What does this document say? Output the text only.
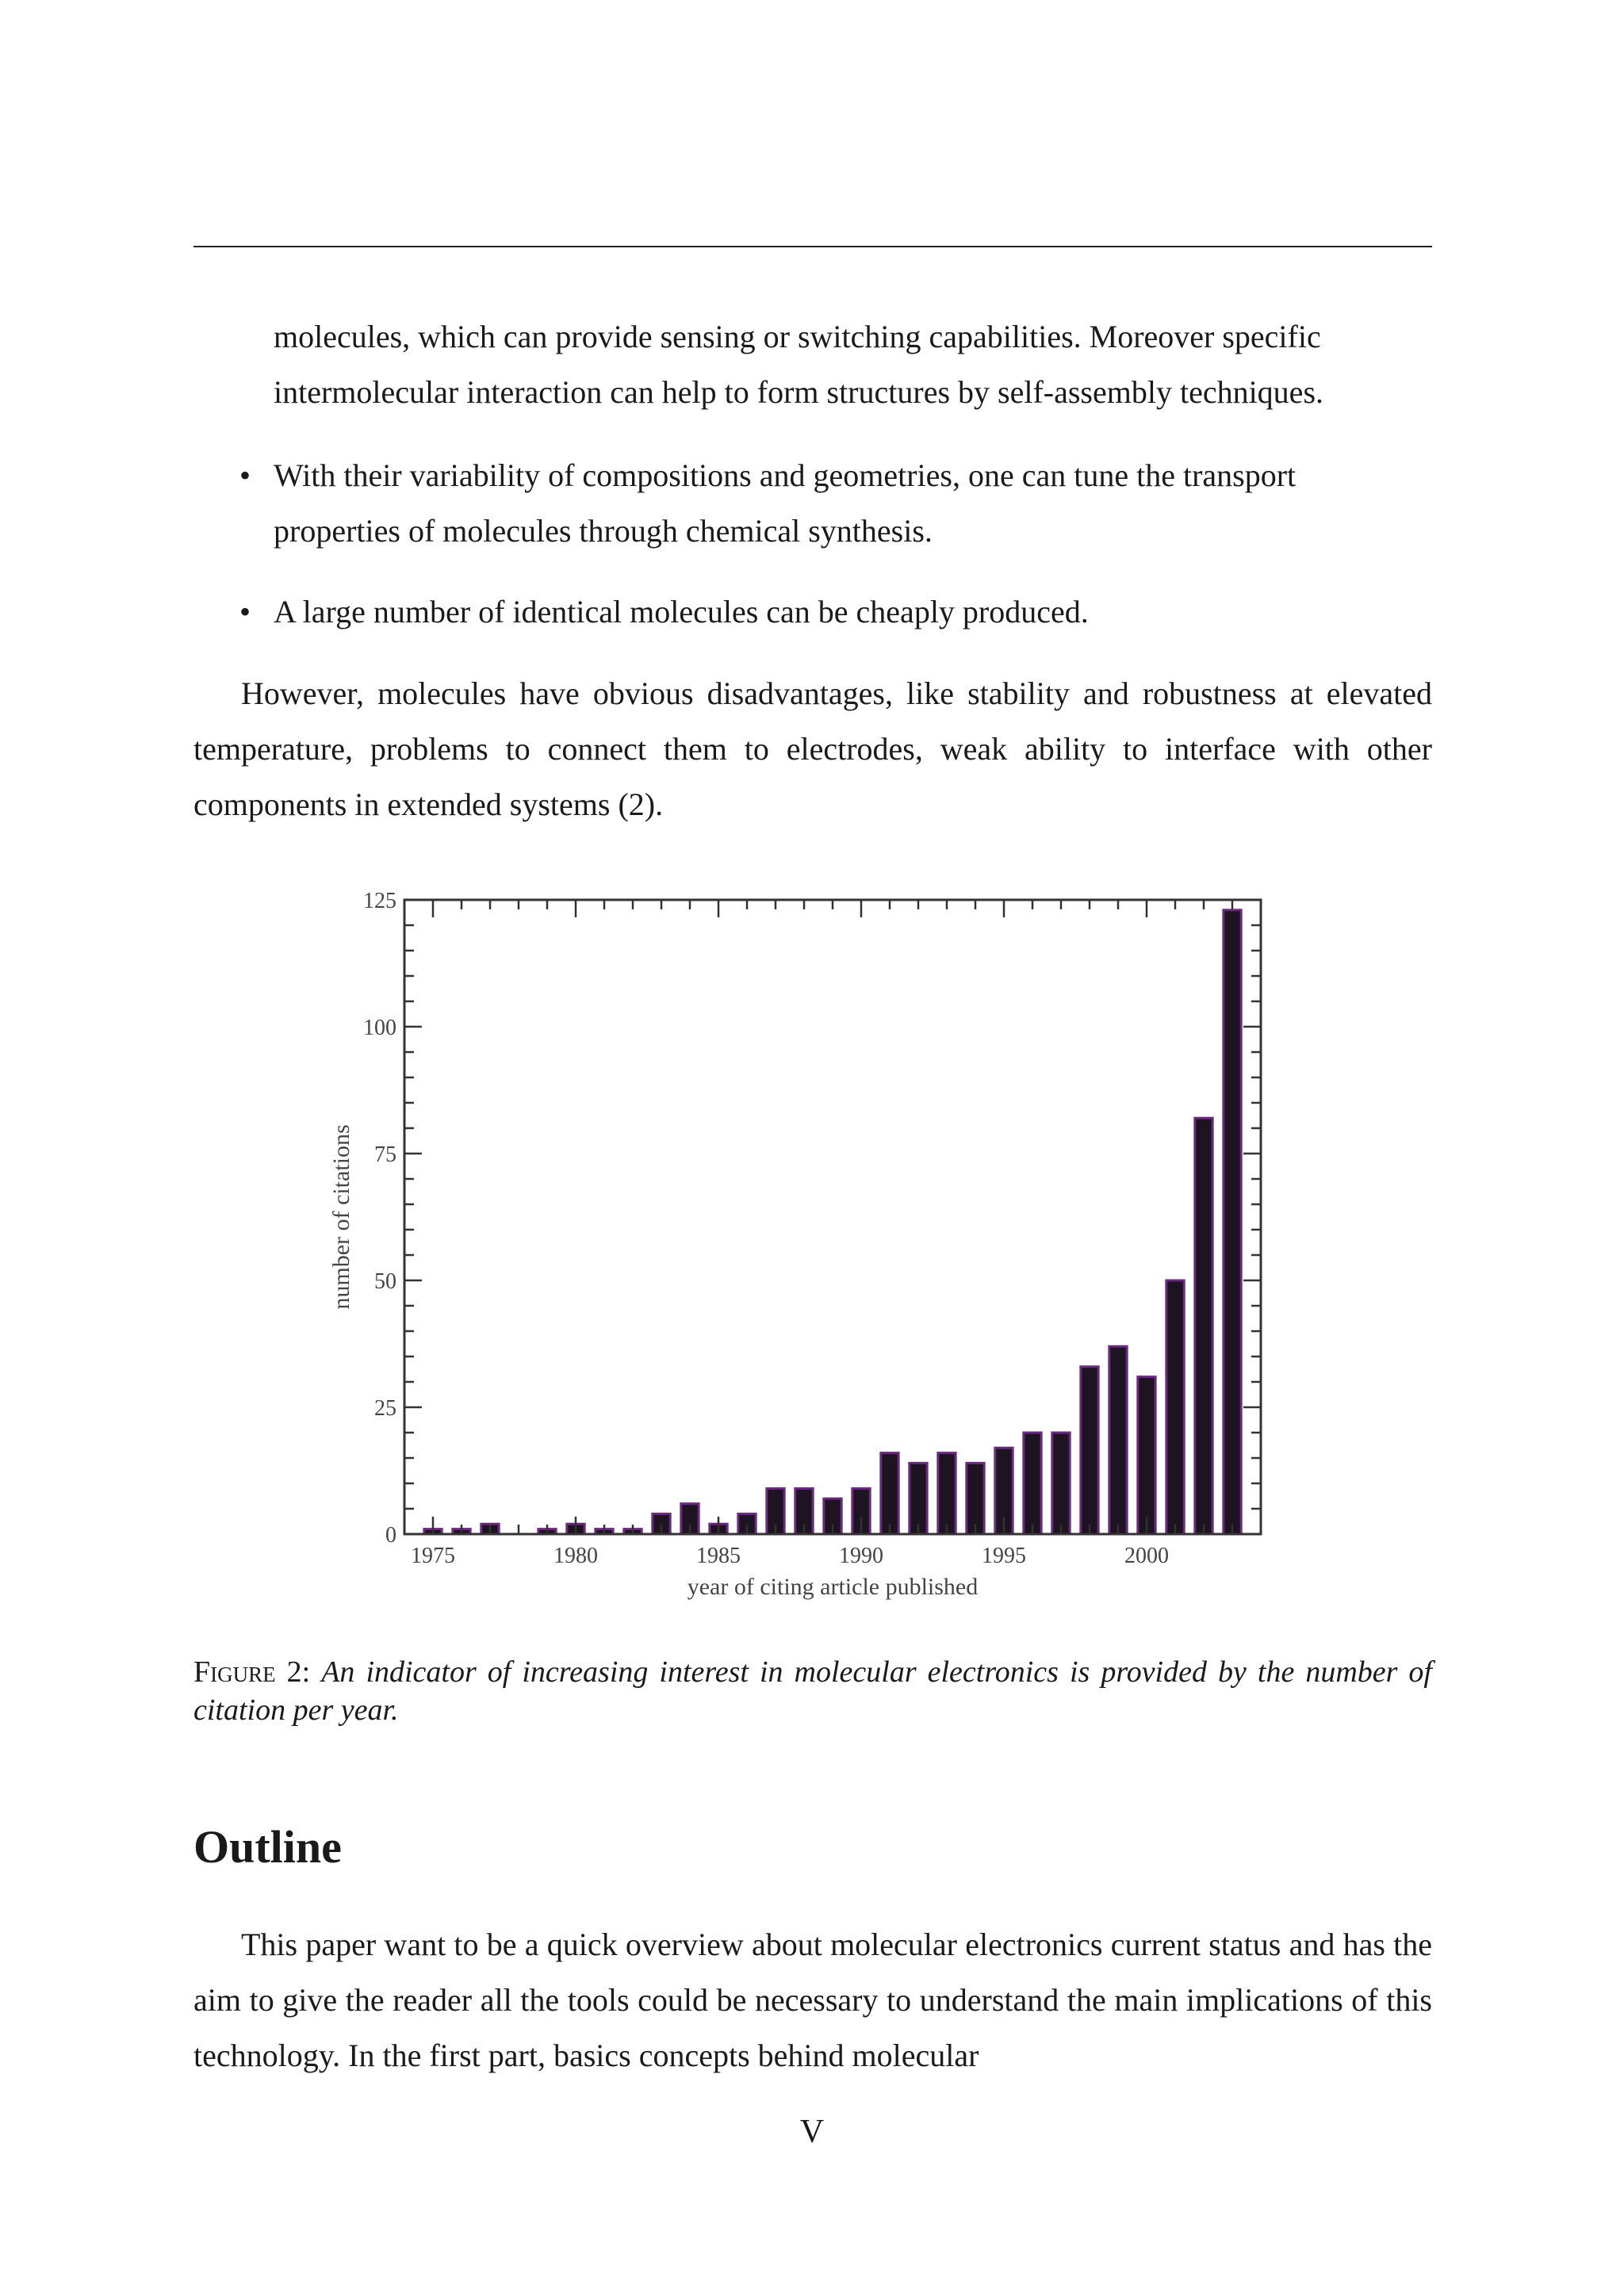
molecules, which can provide sensing or switching capabilities. Moreover specific
intermolecular interaction can help to form structures by self-assembly techniques.
• With their variability of compositions and geometries, one can tune the transport
properties of molecules through chemical synthesis.
• A large number of identical molecules can be cheaply produced.
However, molecules have obvious disadvantages, like stability and robustness at elevated temperature, problems to connect them to electrodes, weak ability to interface with other components in extended systems (2).
0
25
50
75
100
125
1975	1980	1985	1990	1995	2000
year of citing article published
number of citations
Figure 2: An indicator of increasing interest in molecular electronics is provided by the number of citation per year.
Outline
This paper want to be a quick overview about molecular electronics current status and has the aim to give the reader all the tools could be necessary to understand the main implications of this technology. In the first part, basics concepts behind molecular
V
